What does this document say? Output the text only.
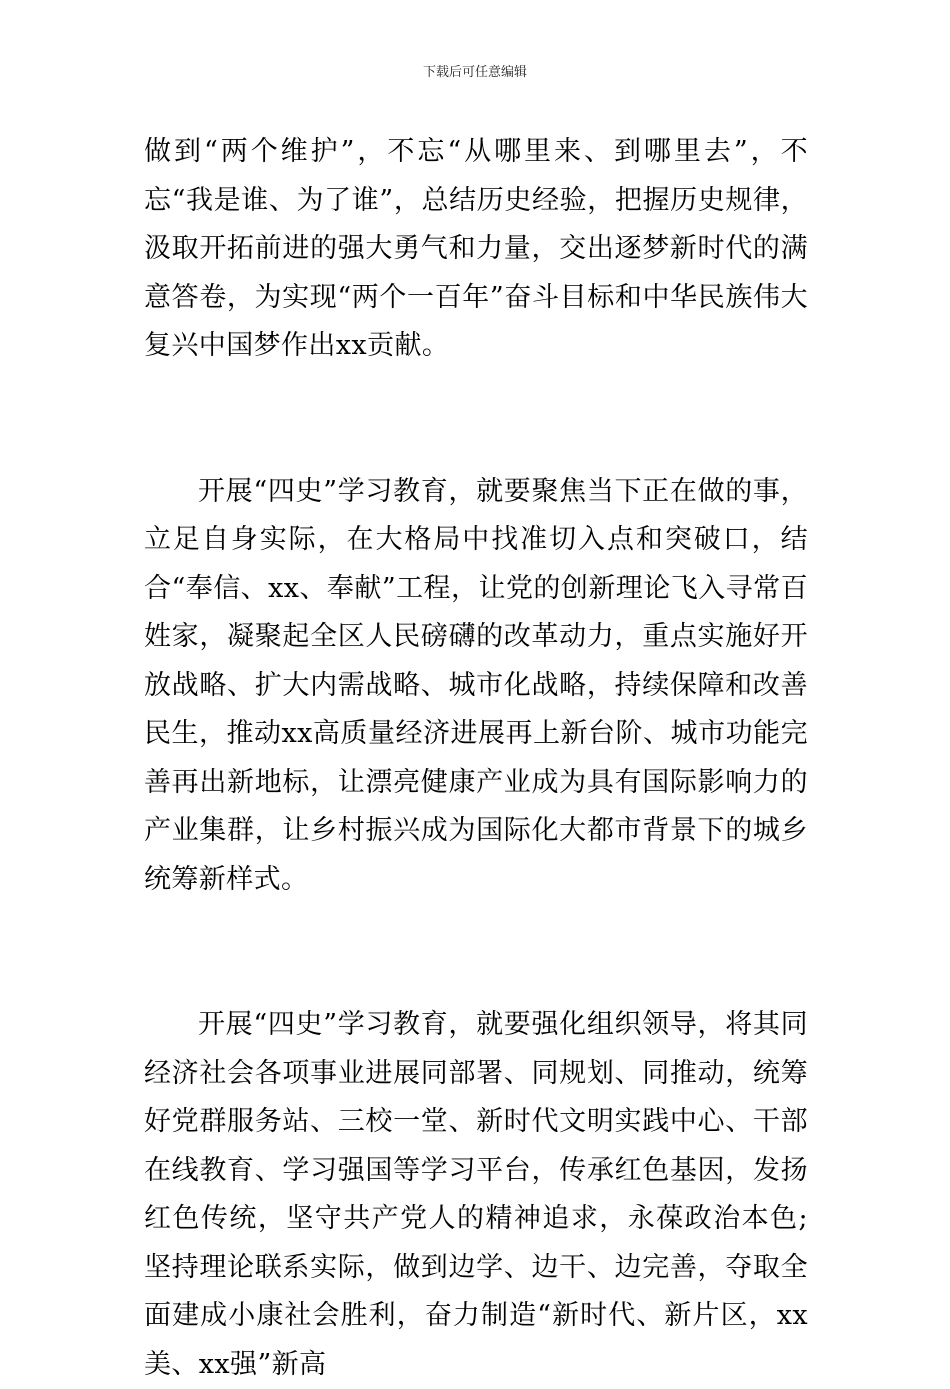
下载后可任意编辑

做到“两个维护”，不忘“从哪里来、到哪里去”，不忘“我是谁、为了谁”，总结历史经验，把握历史规律，汲取开拓前进的强大勇气和力量，交出逐梦新时代的满意答卷，为实现“两个一百年”奋斗目标和中华民族伟大复兴中国梦作出xx贡献。

开展“四史”学习教育，就要聚焦当下正在做的事，立足自身实际，在大格局中找准切入点和突破口，结合“奉信、xx、奉献”工程，让党的创新理论飞入寻常百姓家，凝聚起全区人民磅礴的改革动力，重点实施好开放战略、扩大内需战略、城市化战略，持续保障和改善民生，推动xx高质量经济进展再上新台阶、城市功能完善再出新地标，让漂亮健康产业成为具有国际影响力的产业集群，让乡村振兴成为国际化大都市背景下的城乡统筹新样式。

开展“四史”学习教育，就要强化组织领导，将其同经济社会各项事业进展同部署、同规划、同推动，统筹好党群服务站、三校一堂、新时代文明实践中心、干部在线教育、学习强国等学习平台，传承红色基因，发扬红色传统，坚守共产党人的精神追求，永葆政治本色;坚持理论联系实际，做到边学、边干、边完善，夺取全面建成小康社会胜利，奋力制造“新时代、新片区，xx美、xx强”新高
